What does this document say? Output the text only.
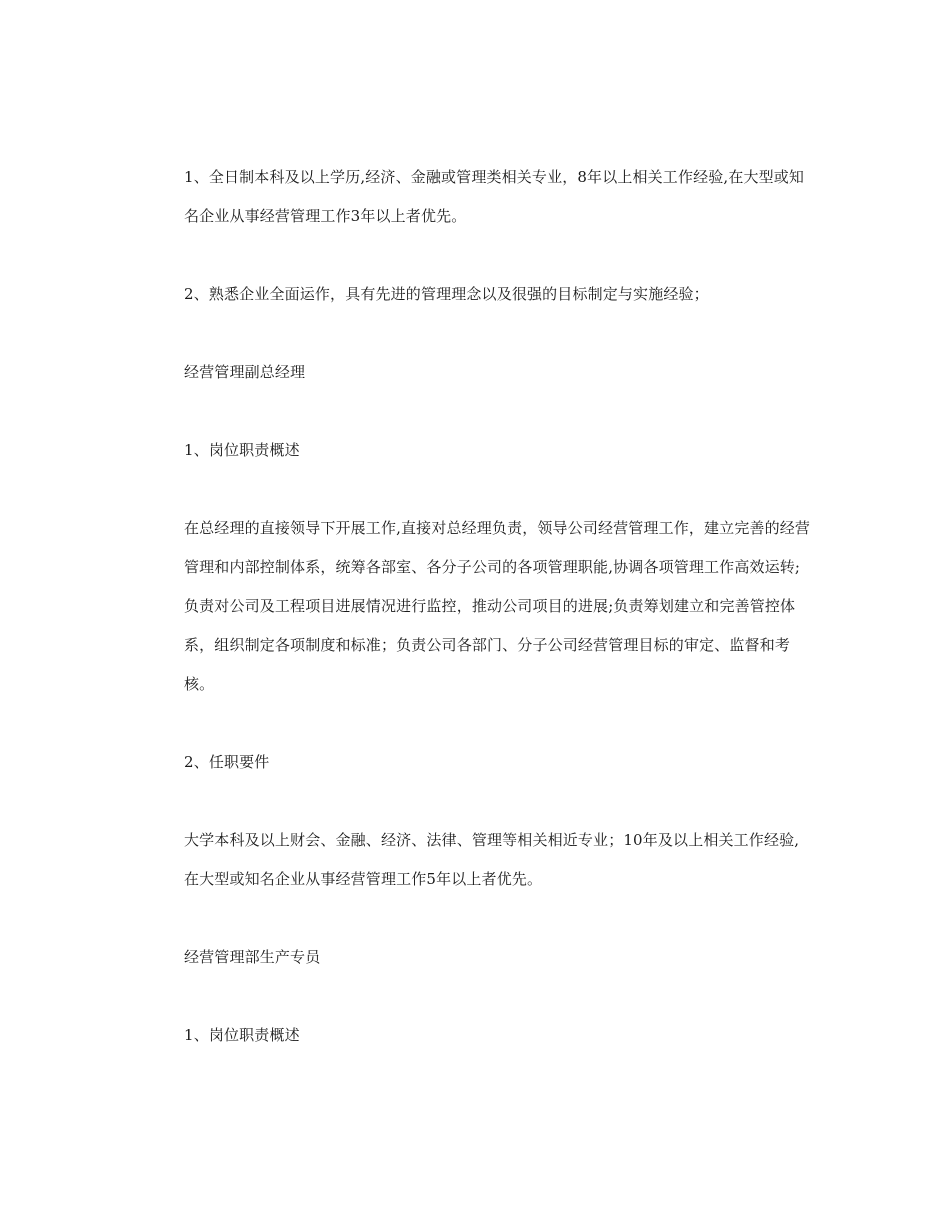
1、全日制本科及以上学历,经济、金融或管理类相关专业，8年以上相关工作经验,在大型或知名企业从事经营管理工作3年以上者优先。

2、熟悉企业全面运作，具有先进的管理理念以及很强的目标制定与实施经验；

经营管理副总经理

1、岗位职责概述

在总经理的直接领导下开展工作,直接对总经理负责，领导公司经营管理工作，建立完善的经营管理和内部控制体系，统筹各部室、各分子公司的各项管理职能,协调各项管理工作高效运转;负责对公司及工程项目进展情况进行监控，推动公司项目的进展;负责筹划建立和完善管控体系，组织制定各项制度和标准；负责公司各部门、分子公司经营管理目标的审定、监督和考核。

2、任职要件

大学本科及以上财会、金融、经济、法律、管理等相关相近专业；10年及以上相关工作经验,在大型或知名企业从事经营管理工作5年以上者优先。

经营管理部生产专员

1、岗位职责概述
